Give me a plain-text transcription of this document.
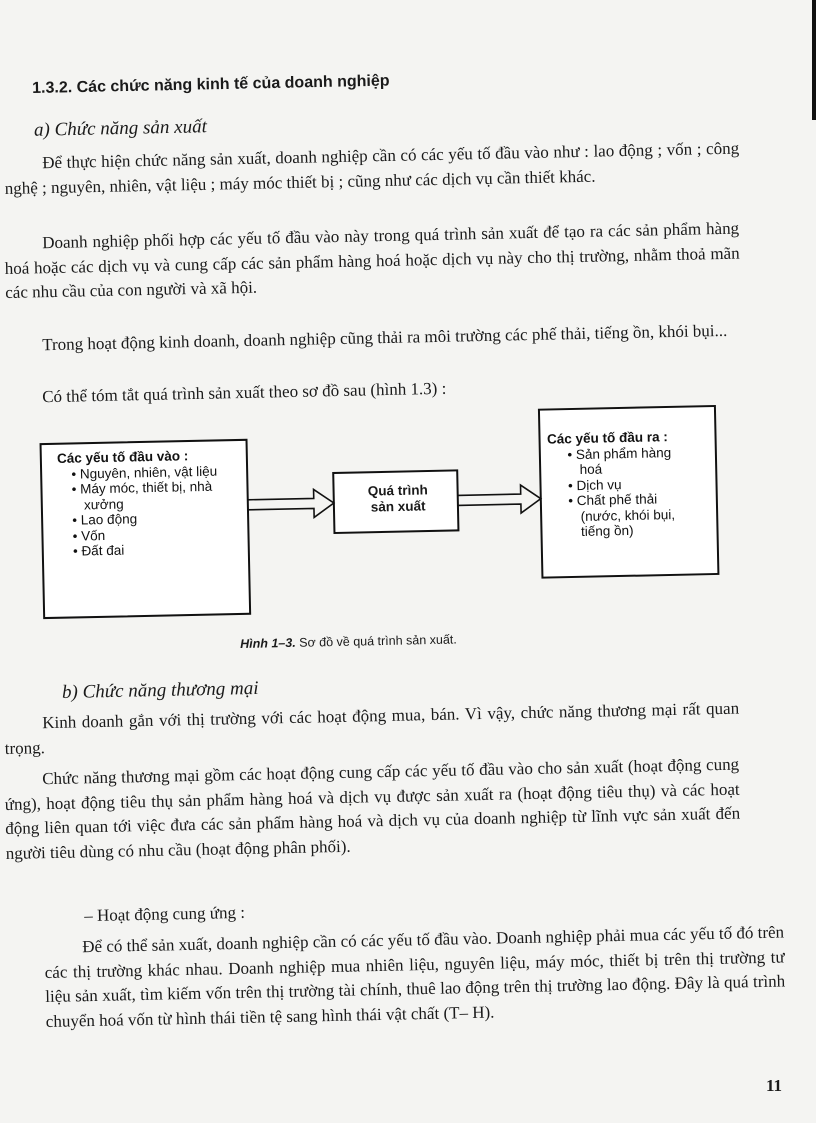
1.3.2. Các chức năng kinh tế của doanh nghiệp
a) Chức năng sản xuất

Để thực hiện chức năng sản xuất, doanh nghiệp cần có các yếu tố đầu vào như : lao động ; vốn ; công nghệ ; nguyên, nhiên, vật liệu ; máy móc thiết bị ; cũng như các dịch vụ cần thiết khác.

Doanh nghiệp phối hợp các yếu tố đầu vào này trong quá trình sản xuất để tạo ra các sản phẩm hàng hoá hoặc các dịch vụ và cung cấp các sản phẩm hàng hoá hoặc dịch vụ này cho thị trường, nhằm thoả mãn các nhu cầu của con người và xã hội.

Trong hoạt động kinh doanh, doanh nghiệp cũng thải ra môi trường các phế thải, tiếng ồn, khói bụi...

Có thể tóm tắt quá trình sản xuất theo sơ đồ sau (hình 1.3) :

Các yếu tố đầu vào :
• Nguyên, nhiên, vật liệu
• Máy móc, thiết bị, nhà xưởng
• Lao động
• Vốn
• Đất đai
Quá trình
sản xuất
Các yếu tố đầu ra :
• Sản phẩm hàng hoá
• Dịch vụ
• Chất phế thải (nước, khói bụi, tiếng ồn)
Hình 1–3. Sơ đồ về quá trình sản xuất.
b) Chức năng thương mại

Kinh doanh gắn với thị trường với các hoạt động mua, bán. Vì vậy, chức năng thương mại rất quan trọng.

Chức năng thương mại gồm các hoạt động cung cấp các yếu tố đầu vào cho sản xuất (hoạt động cung ứng), hoạt động tiêu thụ sản phẩm hàng hoá và dịch vụ được sản xuất ra (hoạt động tiêu thụ) và các hoạt động liên quan tới việc đưa các sản phẩm hàng hoá và dịch vụ của doanh nghiệp từ lĩnh vực sản xuất đến người tiêu dùng có nhu cầu (hoạt động phân phối).

– Hoạt động cung ứng :

Để có thể sản xuất, doanh nghiệp cần có các yếu tố đầu vào. Doanh nghiệp phải mua các yếu tố đó trên các thị trường khác nhau. Doanh nghiệp mua nhiên liệu, nguyên liệu, máy móc, thiết bị trên thị trường tư liệu sản xuất, tìm kiếm vốn trên thị trường tài chính, thuê lao động trên thị trường lao động. Đây là quá trình chuyển hoá vốn từ hình thái tiền tệ sang hình thái vật chất (T– H).

11
